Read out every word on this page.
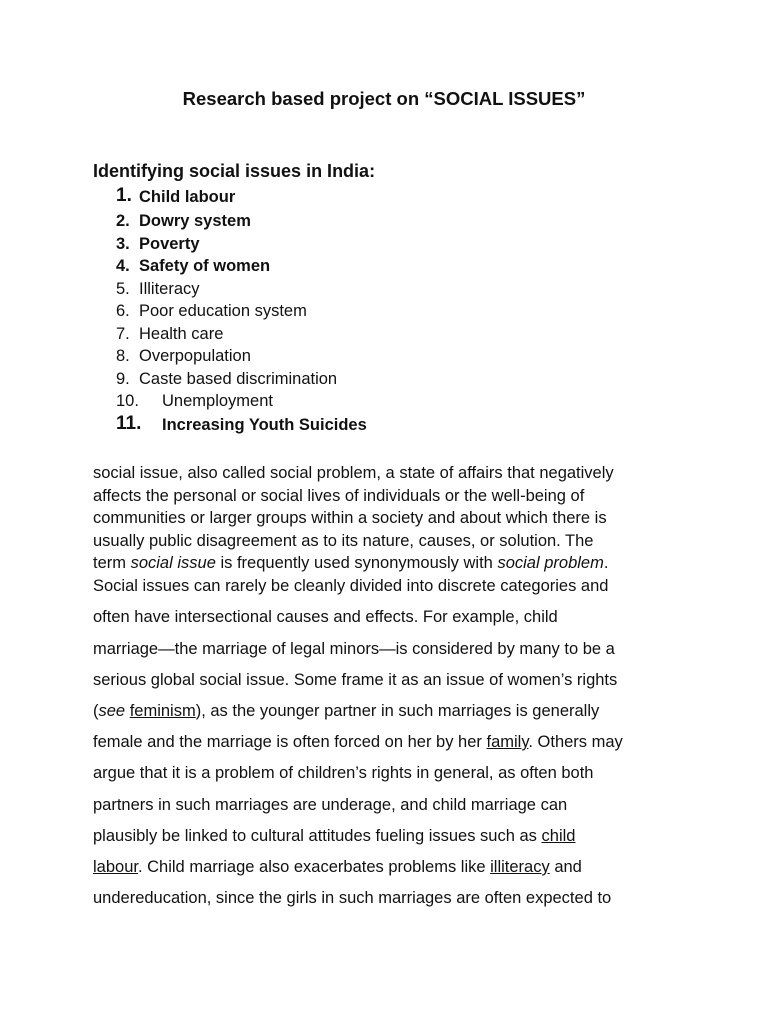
Research based project on “SOCIAL ISSUES”
Identifying social issues in India:
1. Child labour
2. Dowry system
3. Poverty
4. Safety of women
5. Illiteracy
6. Poor education system
7. Health care
8. Overpopulation
9. Caste based discrimination
10. Unemployment
11. Increasing Youth Suicides
social issue, also called social problem, a state of affairs that negatively
affects the personal or social lives of individuals or the well-being of
communities or larger groups within a society and about which there is
usually public disagreement as to its nature, causes, or solution. The
term social issue is frequently used synonymously with social problem.
Social issues can rarely be cleanly divided into discrete categories and
often have intersectional causes and effects. For example, child
marriage—the marriage of legal minors—is considered by many to be a
serious global social issue. Some frame it as an issue of women’s rights
(see feminism), as the younger partner in such marriages is generally
female and the marriage is often forced on her by her family. Others may
argue that it is a problem of children’s rights in general, as often both
partners in such marriages are underage, and child marriage can
plausibly be linked to cultural attitudes fueling issues such as child
labour. Child marriage also exacerbates problems like illiteracy and
undereducation, since the girls in such marriages are often expected to
